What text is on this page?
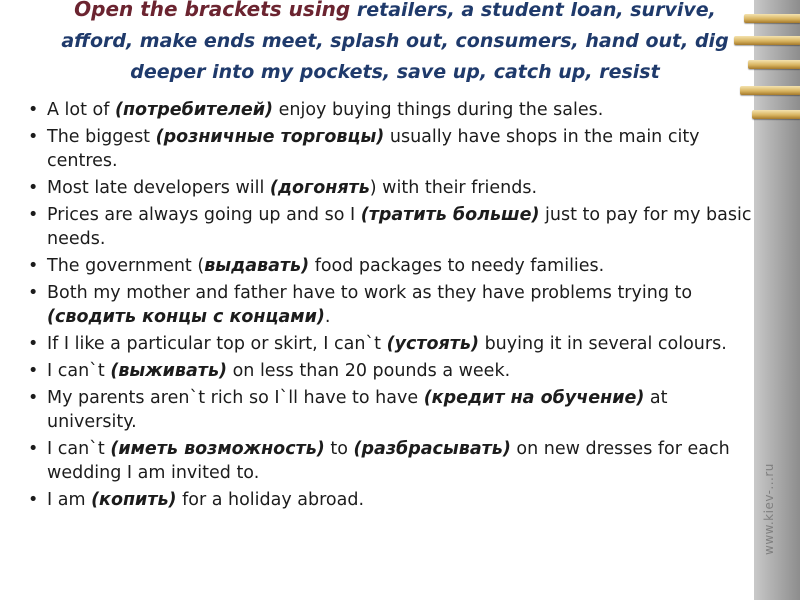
www.kiev-...ru
Open the brackets using retailers, a student loan, survive, afford, make ends meet, splash out, consumers, hand out, dig deeper into my pockets, save up, catch up, resist
• A lot of (потребителей) enjoy buying things during the sales.
• The biggest (розничные торговцы) usually have shops in the main city centres.
• Most late developers will (догонять) with their friends.
• Prices are always going up and so I (тратить больше) just to pay for my basic needs.
• The government (выдавать) food packages to needy families.
• Both my mother and father have to work as they have problems trying to (сводить концы с концами).
• If I like a particular top or skirt, I can`t (устоять) buying it in several colours.
• I can`t (выживать) on less than 20 pounds a week.
• My parents aren`t rich so I`ll have to have (кредит на обучение) at university.
• I can`t (иметь возможность) to (разбрасывать) on new dresses for each wedding I am invited to.
• I am (копить) for a holiday abroad.
